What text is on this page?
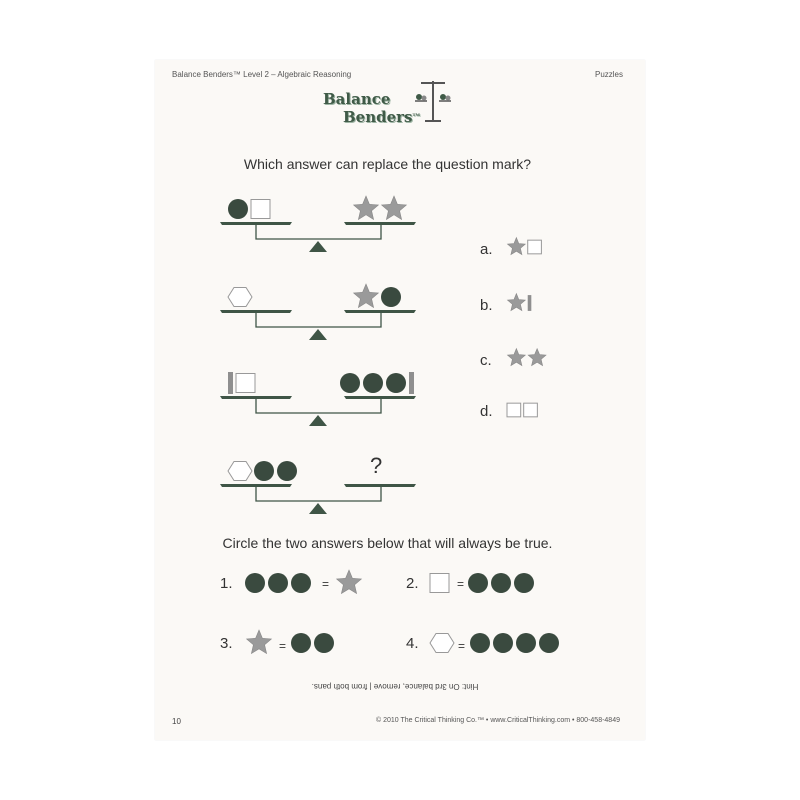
Balance Benders™ Level 2 – Algebraic Reasoning	Puzzles
Balance
Benders™
Which answer can replace the question mark?
a.
b.
c.
d.
?
Circle the two answers below that will always be true.
1.	2.
3.	4.
=	=
=	=
Hint: On 3rd balance, remove | from both pans.
10	© 2010 The Critical Thinking Co.™ • www.CriticalThinking.com • 800-458-4849
